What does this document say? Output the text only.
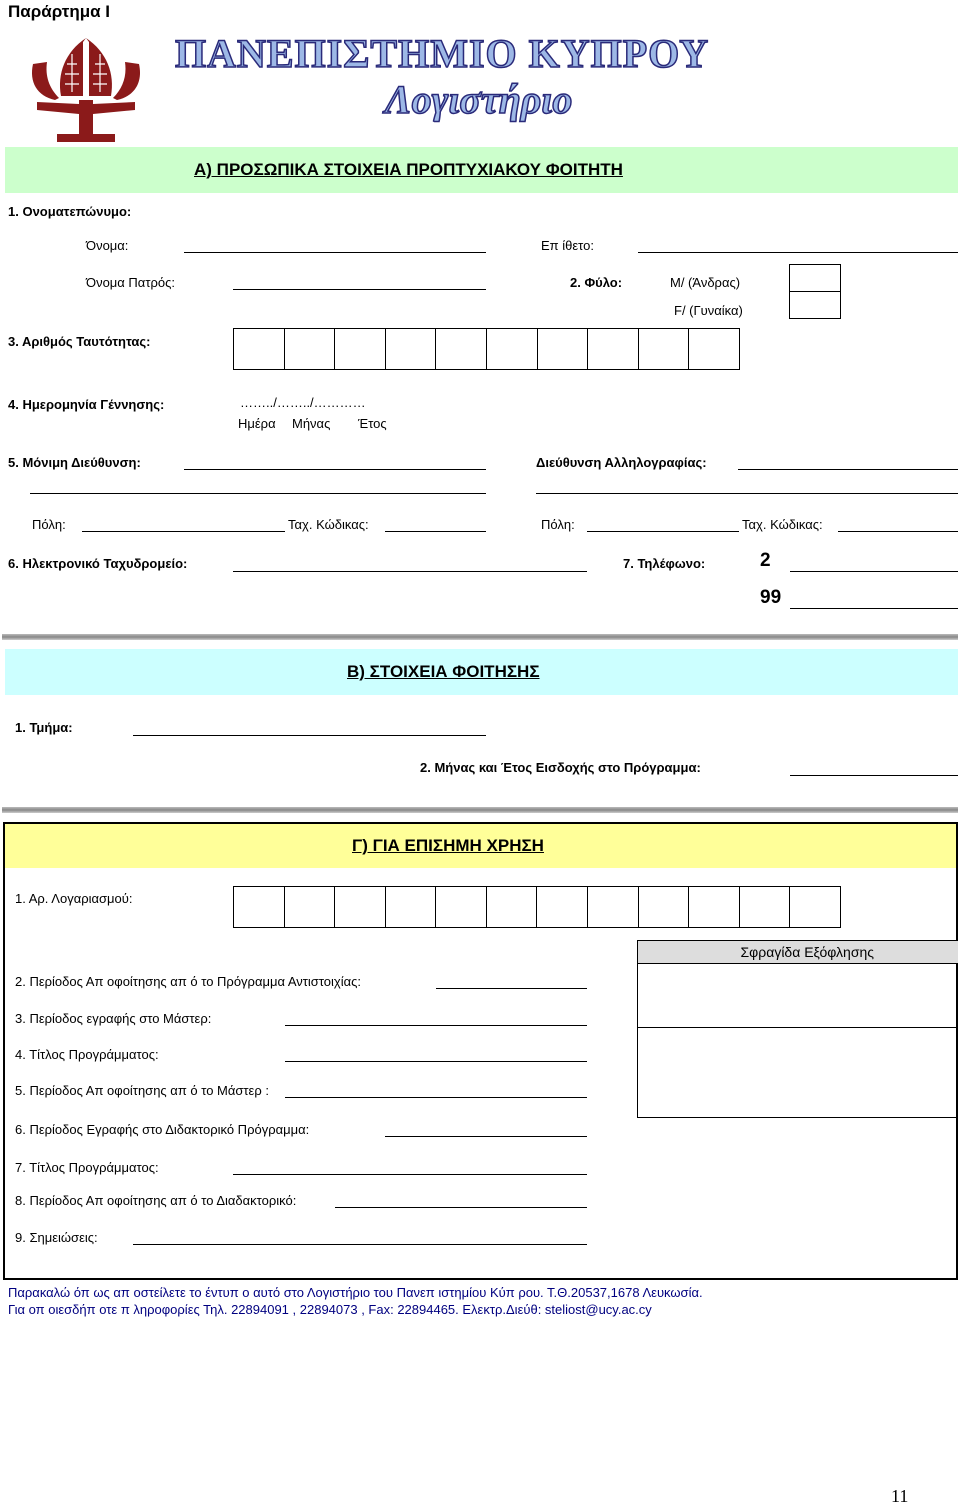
Παράρτημα Ι
ΠΑΝΕΠΙΣΤΗΜΙΟ ΚΥΠΡΟΥ
Λογιστήριο
Α) ΠΡΟΣΩΠΙΚΑ ΣΤΟΙΧΕΙΑ ΠΡΟΠΤΥΧΙΑΚΟΥ ΦΟΙΤΗΤΗ
1. Ονοματεπώνυμο:
Όνομα:	Επ ίθετο:
Όνομα Πατρός:	2. Φύλο:	M/ (Άνδρας)
F/ (Γυναίκα)
3. Αριθμός Ταυτότητας:
4. Ημερομηνία Γέννησης:	……../……../…………
Ημέρα Μήνας Έτος
5. Μόνιμη Διεύθυνση:	Διεύθυνση Αλληλογραφίας:
Πόλη:	Ταχ. Κώδικας:	Πόλη:	Ταχ. Κώδικας:
6. Ηλεκτρονικό Ταχυδρομείο:	7. Τηλέφωνο:	2
99
Β) ΣΤΟΙΧΕΙΑ ΦΟΙΤΗΣΗΣ
1. Τμήμα:
2. Μήνας και Έτος Εισδοχής στο Πρόγραμμα:
Γ) ΓΙΑ ΕΠΙΣΗΜΗ ΧΡΗΣΗ
1. Αρ. Λογαριασμού:
Σφραγίδα Εξόφλησης
2. Περίοδος Απ οφοίτησης απ ό το Πρόγραμμα Αντιστοιχίας:
3. Περίοδος εγραφής στο Μάστερ:
4. Τίτλος Προγράμματος:
5. Περίοδος Απ οφοίτησης απ ό το Μάστερ :
6. Περίοδος Εγραφής στο Διδακτορικό Πρόγραμμα:
7. Τίτλος Προγράμματος:
8. Περίοδος Απ οφοίτησης απ ό το Διαδακτορικό:
9. Σημειώσεις:
Παρακαλώ όπ ως απ οστείλετε το έντυπ ο αυτό στο Λογιστήριο του Πανεπ ιστημίου Κύπ ρου. Τ.Θ.20537,1678 Λευκωσία.
Για οπ οιεσδήπ οτε π ληροφορίες Τηλ. 22894091 , 22894073 , Fax: 22894465. Ελεκτρ.Διεύθ: steliost@ucy.ac.cy
11
